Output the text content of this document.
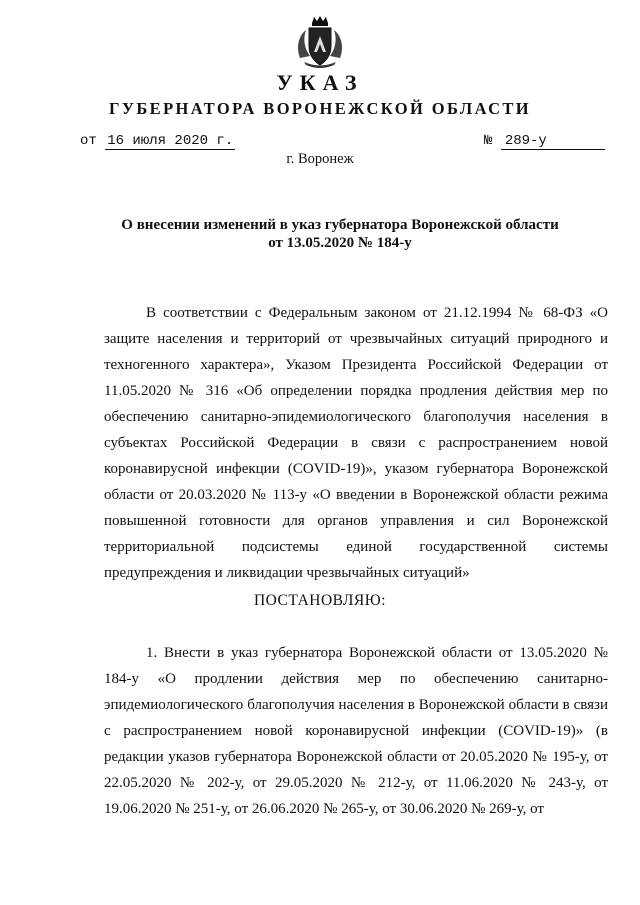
УКАЗ
ГУБЕРНАТОРА ВОРОНЕЖСКОЙ ОБЛАСТИ
от 16 июля 2020 г.	№ 289-у
г. Воронеж
О внесении изменений в указ губернатора Воронежской области
от 13.05.2020 № 184-у

В соответствии с Федеральным законом от 21.12.1994 № 68-ФЗ «О защите населения и территорий от чрезвычайных ситуаций природного и техногенного характера», Указом Президента Российской Федерации от 11.05.2020 № 316 «Об определении порядка продления действия мер по обеспечению санитарно-эпидемиологического благополучия населения в субъектах Российской Федерации в связи с распространением новой коронавирусной инфекции (COVID-19)», указом губернатора Воронежской области от 20.03.2020 № 113-у «О введении в Воронежской области режима повышенной готовности для органов управления и сил Воронежской территориальной подсистемы единой государственной системы предупреждения и ликвидации чрезвычайных ситуаций»

ПОСТАНОВЛЯЮ:

1. Внести в указ губернатора Воронежской области от 13.05.2020 № 184-у «О продлении действия мер по обеспечению санитарно-эпидемиологического благополучия населения в Воронежской области в связи с распространением новой коронавирусной инфекции (COVID-19)» (в редакции указов губернатора Воронежской области от 20.05.2020 № 195-у, от 22.05.2020 № 202-у, от 29.05.2020 № 212-у, от 11.06.2020 № 243-у, от 19.06.2020 № 251-у, от 26.06.2020 № 265-у, от 30.06.2020 № 269-у, от
